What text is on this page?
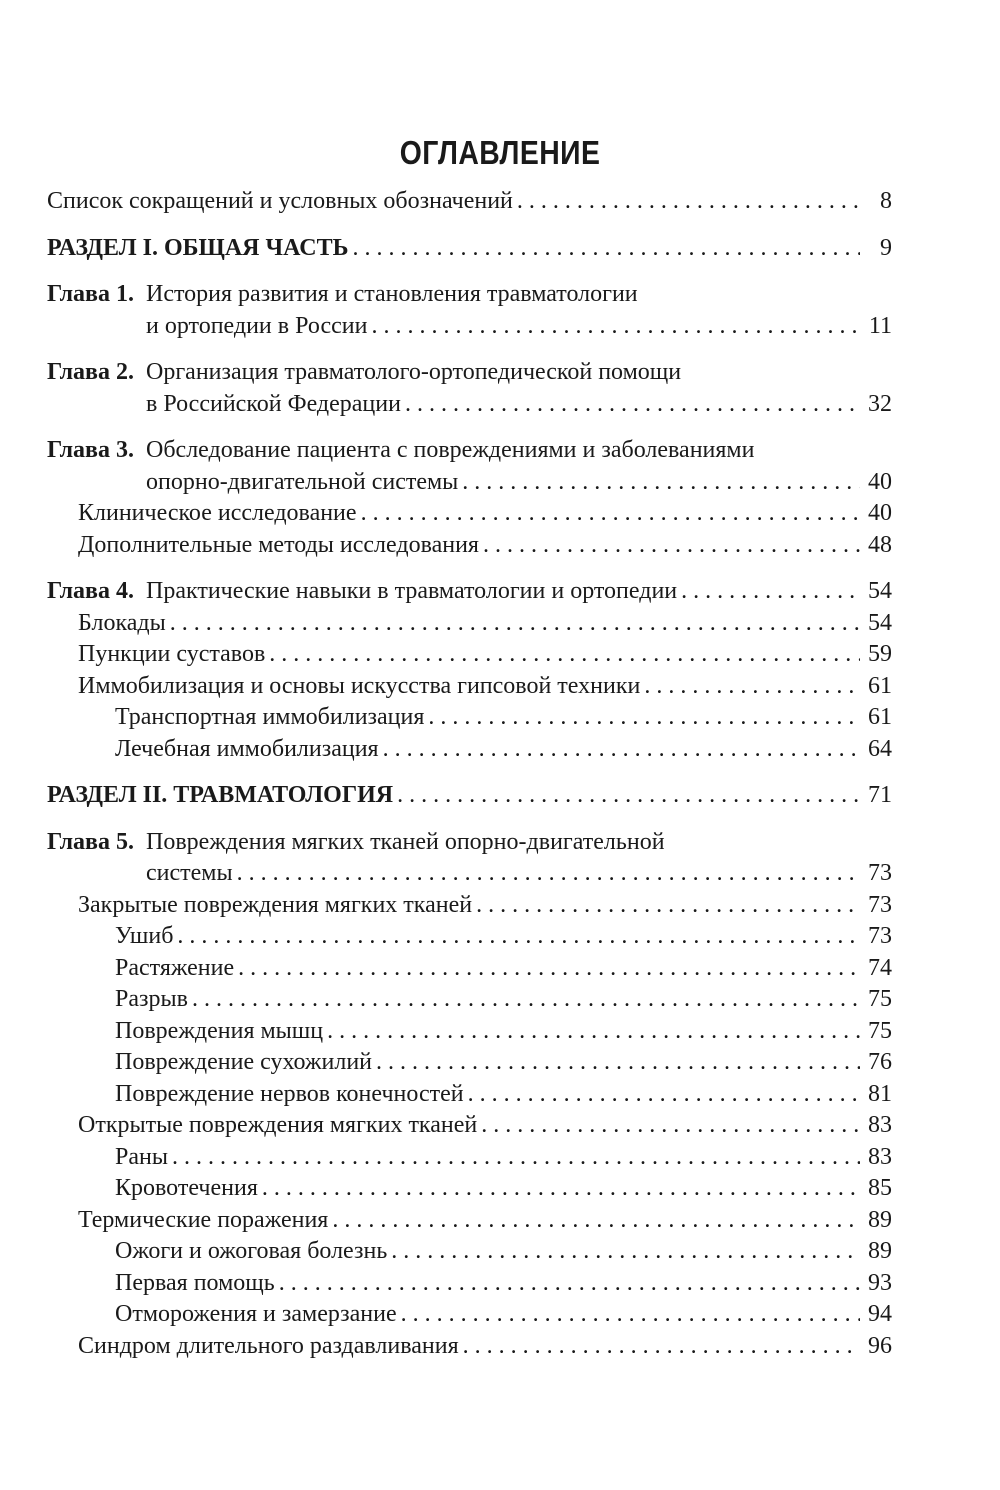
ОГЛАВЛЕНИЕ
Список сокращений и условных обозначений . . .	8
РАЗДЕЛ I. ОБЩАЯ ЧАСТЬ . . .	9
Глава 1. История развития и становления травматологии
и ортопедии в России . . .	11
Глава 2. Организация травматолого-ортопедической помощи
в Российской Федерации . . .	32
Глава 3. Обследование пациента с повреждениями и заболеваниями
опорно-двигательной системы . . .	40
Клиническое исследование . . .	40
Дополнительные методы исследования . . .	48
Глава 4. Практические навыки в травматологии и ортопедии . . .	54
Блокады . . .	54
Пункции суставов . . .	59
Иммобилизация и основы искусства гипсовой техники . . .	61
Транспортная иммобилизация . . .	61
Лечебная иммобилизация . . .	64
РАЗДЕЛ II. ТРАВМАТОЛОГИЯ . . .	71
Глава 5. Повреждения мягких тканей опорно-двигательной
системы . . .	73
Закрытые повреждения мягких тканей . . .	73
Ушиб . . .	73
Растяжение . . .	74
Разрыв . . .	75
Повреждения мышц . . .	75
Повреждение сухожилий . . .	76
Повреждение нервов конечностей . . .	81
Открытые повреждения мягких тканей . . .	83
Раны . . .	83
Кровотечения . . .	85
Термические поражения . . .	89
Ожоги и ожоговая болезнь . . .	89
Первая помощь . . .	93
Отморожения и замерзание . . .	94
Синдром длительного раздавливания . . .	96
